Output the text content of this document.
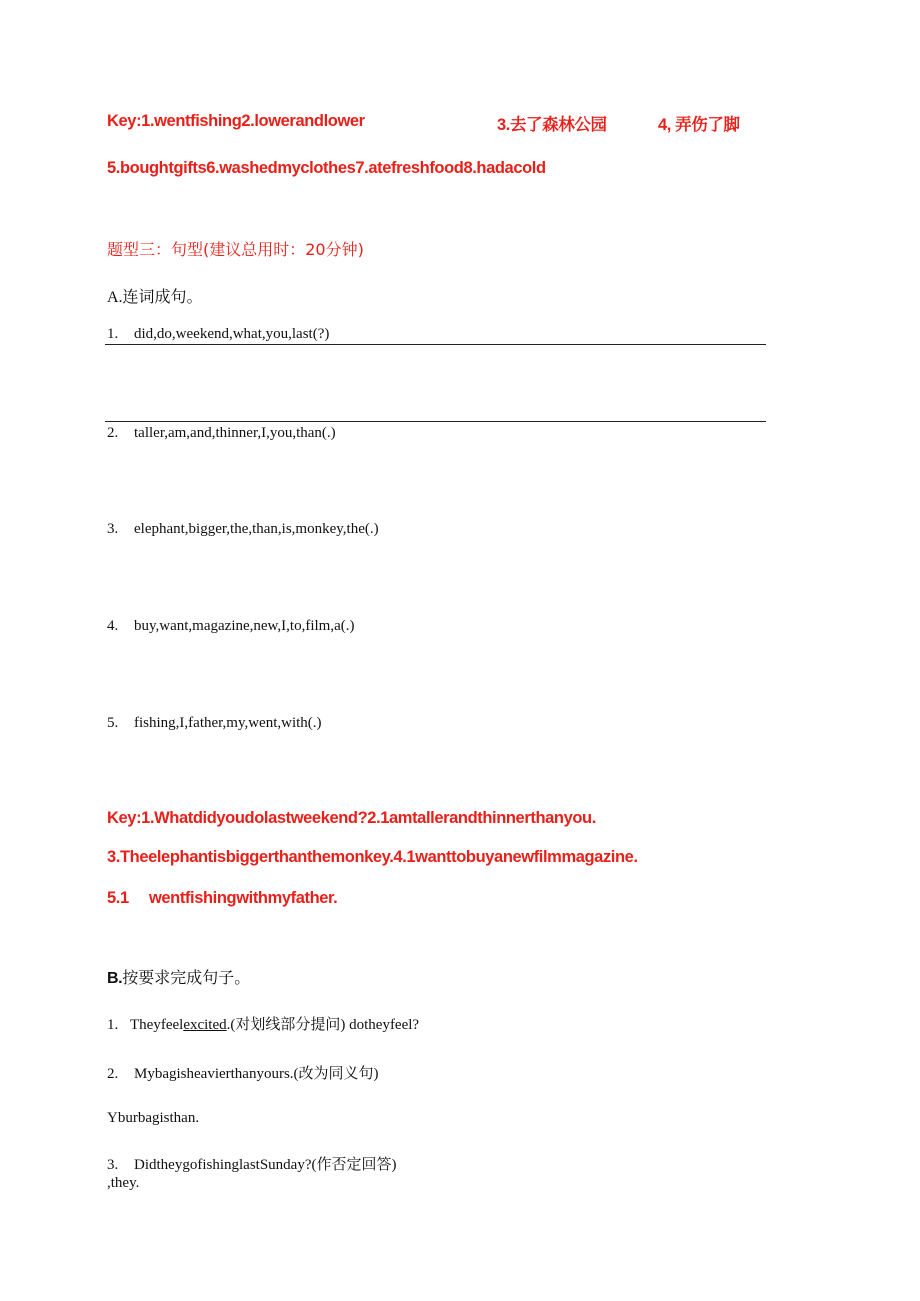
Key:1.wentfishing2.lowerandlower	3.去了森林公园	4, 弄伤了脚
5.boughtgifts6.washedmyclothes7.atefreshfood8.hadacold
题型三：句型(建议总用时：20分钟)
A.连词成句。
1. did,do,weekend,what,you,last(?)
2. taller,am,and,thinner,I,you,than(.)
3. elephant,bigger,the,than,is,monkey,the(.)
4. buy,want,magazine,new,I,to,film,a(.)
5. fishing,I,father,my,went,with(.)
Key:1.Whatdidyoudolastweekend?2.1amtallerandthinnerthanyou.
3.Theelephantisbiggerthanthemonkey.4.1wanttobuyanewfilmmagazine.
5.1 wentfishingwithmyfather.
B.按要求完成句子。
1. Theyfeelexcited.(对划线部分提问) dotheyfeel?
2. Mybagisheavierthanyours.(改为同义句)
Yburbagisthan.
3. DidtheygofishinglastSunday?(作否定回答)
,they.
